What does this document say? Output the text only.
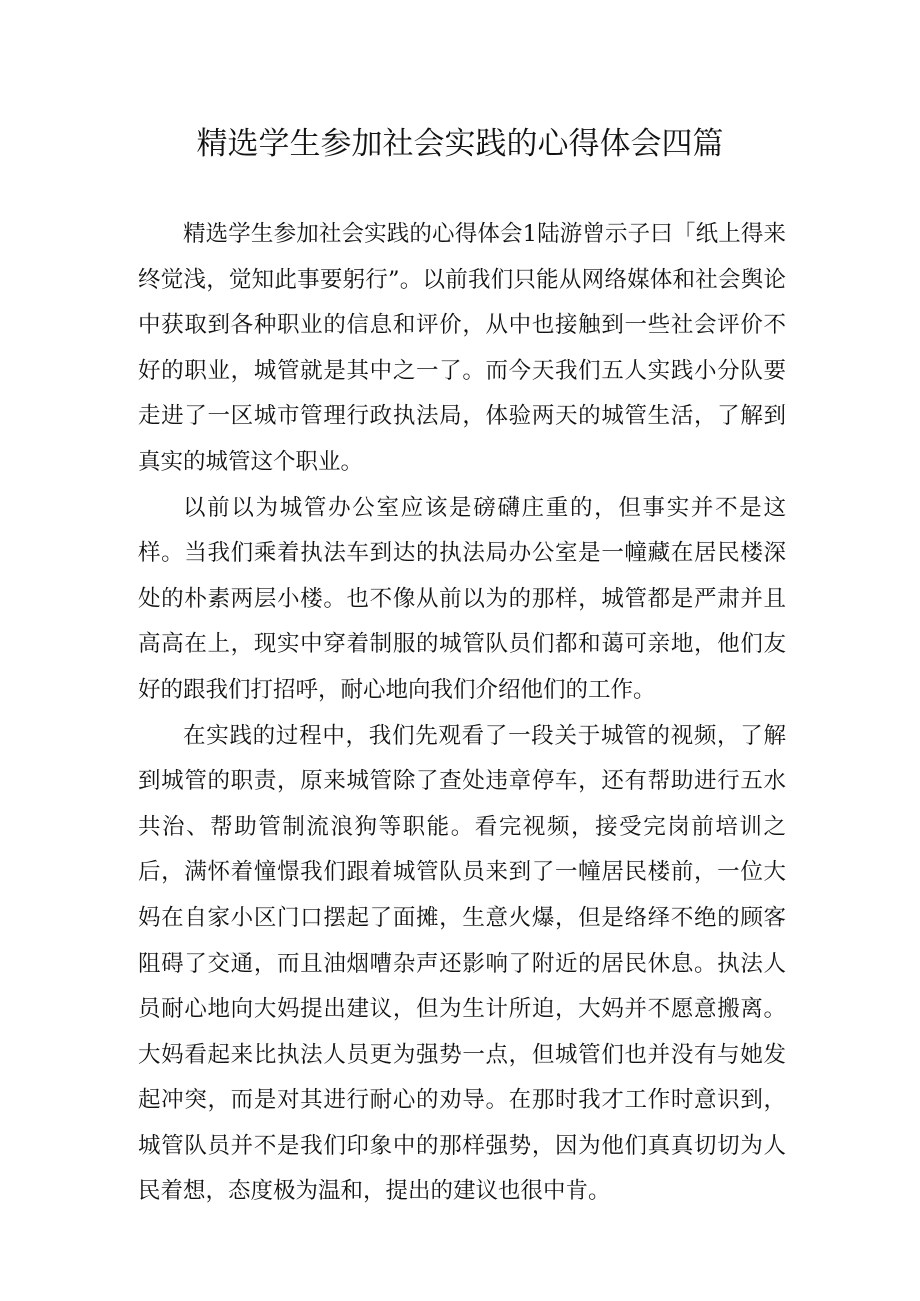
精选学生参加社会实践的心得体会四篇

精选学生参加社会实践的心得体会1陆游曾示子曰「纸上得来终觉浅，觉知此事要躬行”。以前我们只能从网络媒体和社会舆论中获取到各种职业的信息和评价，从中也接触到一些社会评价不好的职业，城管就是其中之一了。而今天我们五人实践小分队要走进了一区城市管理行政执法局，体验两天的城管生活，了解到真实的城管这个职业。

以前以为城管办公室应该是磅礴庄重的，但事实并不是这样。当我们乘着执法车到达的执法局办公室是一幢藏在居民楼深处的朴素两层小楼。也不像从前以为的那样，城管都是严肃并且高高在上，现实中穿着制服的城管队员们都和蔼可亲地，他们友好的跟我们打招呼，耐心地向我们介绍他们的工作。

在实践的过程中，我们先观看了一段关于城管的视频，了解到城管的职责，原来城管除了查处违章停车，还有帮助进行五水共治、帮助管制流浪狗等职能。看完视频，接受完岗前培训之后，满怀着憧憬我们跟着城管队员来到了一幢居民楼前，一位大妈在自家小区门口摆起了面摊，生意火爆，但是络绎不绝的顾客阻碍了交通，而且油烟嘈杂声还影响了附近的居民休息。执法人员耐心地向大妈提出建议，但为生计所迫，大妈并不愿意搬离。大妈看起来比执法人员更为强势一点，但城管们也并没有与她发起冲突，而是对其进行耐心的劝导。在那时我才工作时意识到，城管队员并不是我们印象中的那样强势，因为他们真真切切为人民着想，态度极为温和，提出的建议也很中肯。
